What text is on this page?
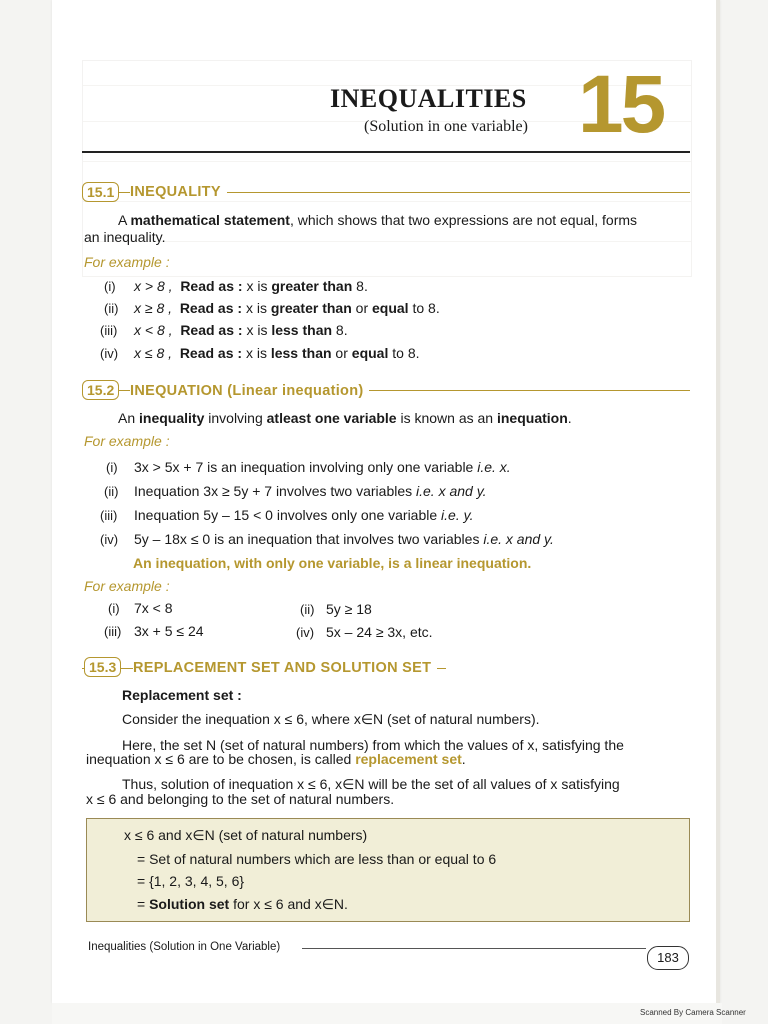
INEQUALITIES
(Solution in one variable) 15
15.1	INEQUALITY
A mathematical statement, which shows that two expressions are not equal, forms
an inequality.
For example :
(i) x > 8 , Read as : x is greater than 8.
(ii) x ≥ 8 , Read as : x is greater than or equal to 8.
(iii) x < 8 , Read as : x is less than 8.
(iv) x ≤ 8 , Read as : x is less than or equal to 8.
15.2	INEQUATION (Linear inequation)
An inequality involving atleast one variable is known as an inequation.
For example :
(i) 3x > 5x + 7 is an inequation involving only one variable i.e. x.
(ii) Inequation 3x ≥ 5y + 7 involves two variables i.e. x and y.
(iii) Inequation 5y – 15 < 0 involves only one variable i.e. y.
(iv) 5y – 18x ≤ 0 is an inequation that involves two variables i.e. x and y.
An inequation, with only one variable, is a linear inequation.
For example :
(i) 7x < 8	(ii) 5y ≥ 18
(iii) 3x + 5 ≤ 24	(iv) 5x – 24 ≥ 3x, etc.
15.3	REPLACEMENT SET AND SOLUTION SET
Replacement set :
Consider the inequation x ≤ 6, where x∈N (set of natural numbers).
Here, the set N (set of natural numbers) from which the values of x, satisfying the
inequation x ≤ 6 are to be chosen, is called replacement set.
Thus, solution of inequation x ≤ 6, x∈N will be the set of all values of x satisfying
x ≤ 6 and belonging to the set of natural numbers.
x ≤ 6 and x∈N (set of natural numbers)
= Set of natural numbers which are less than or equal to 6
= {1, 2, 3, 4, 5, 6}
= Solution set for x ≤ 6 and x∈N.
Inequalities (Solution in One Variable)
183
Scanned By Camera Scanner
